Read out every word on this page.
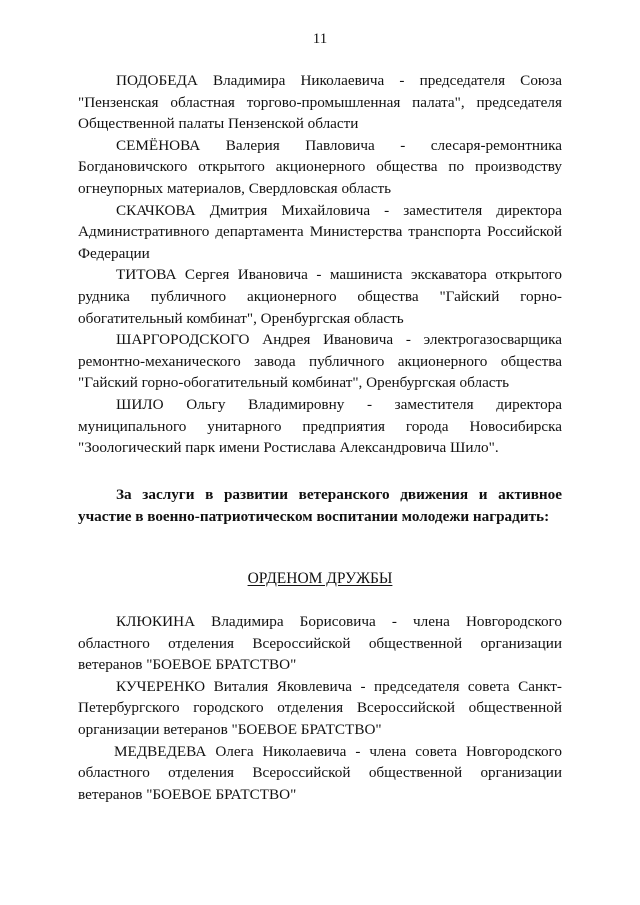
11

ПОДОБЕДА Владимира Николаевича - председателя Союза "Пензенская областная торгово-промышленная палата", председателя Общественной палаты Пензенской области

СЕМЁНОВА Валерия Павловича - слесаря-ремонтника Богдановичского открытого акционерного общества по производству огнеупорных материалов, Свердловская область

СКАЧКОВА Дмитрия Михайловича - заместителя директора Административного департамента Министерства транспорта Российской Федерации

ТИТОВА Сергея Ивановича - машиниста экскаватора открытого рудника публичного акционерного общества "Гайский горно-обогатительный комбинат", Оренбургская область

ШАРГОРОДСКОГО Андрея Ивановича - электрогазосварщика ремонтно-механического завода публичного акционерного общества "Гайский горно-обогатительный комбинат", Оренбургская область

ШИЛО Ольгу Владимировну - заместителя директора муниципального унитарного предприятия города Новосибирска "Зоологический парк имени Ростислава Александровича Шило".

За заслуги в развитии ветеранского движения и активное участие в военно-патриотическом воспитании молодежи наградить:

ОРДЕНОМ ДРУЖБЫ

КЛЮКИНА Владимира Борисовича - члена Новгородского областного отделения Всероссийской общественной организации ветеранов "БОЕВОЕ БРАТСТВО"

КУЧЕРЕНКО Виталия Яковлевича - председателя совета Санкт-Петербургского городского отделения Всероссийской общественной организации ветеранов "БОЕВОЕ БРАТСТВО"

МЕДВЕДЕВА Олега Николаевича - члена совета Новгородского областного отделения Всероссийской общественной организации ветеранов "БОЕВОЕ БРАТСТВО"
